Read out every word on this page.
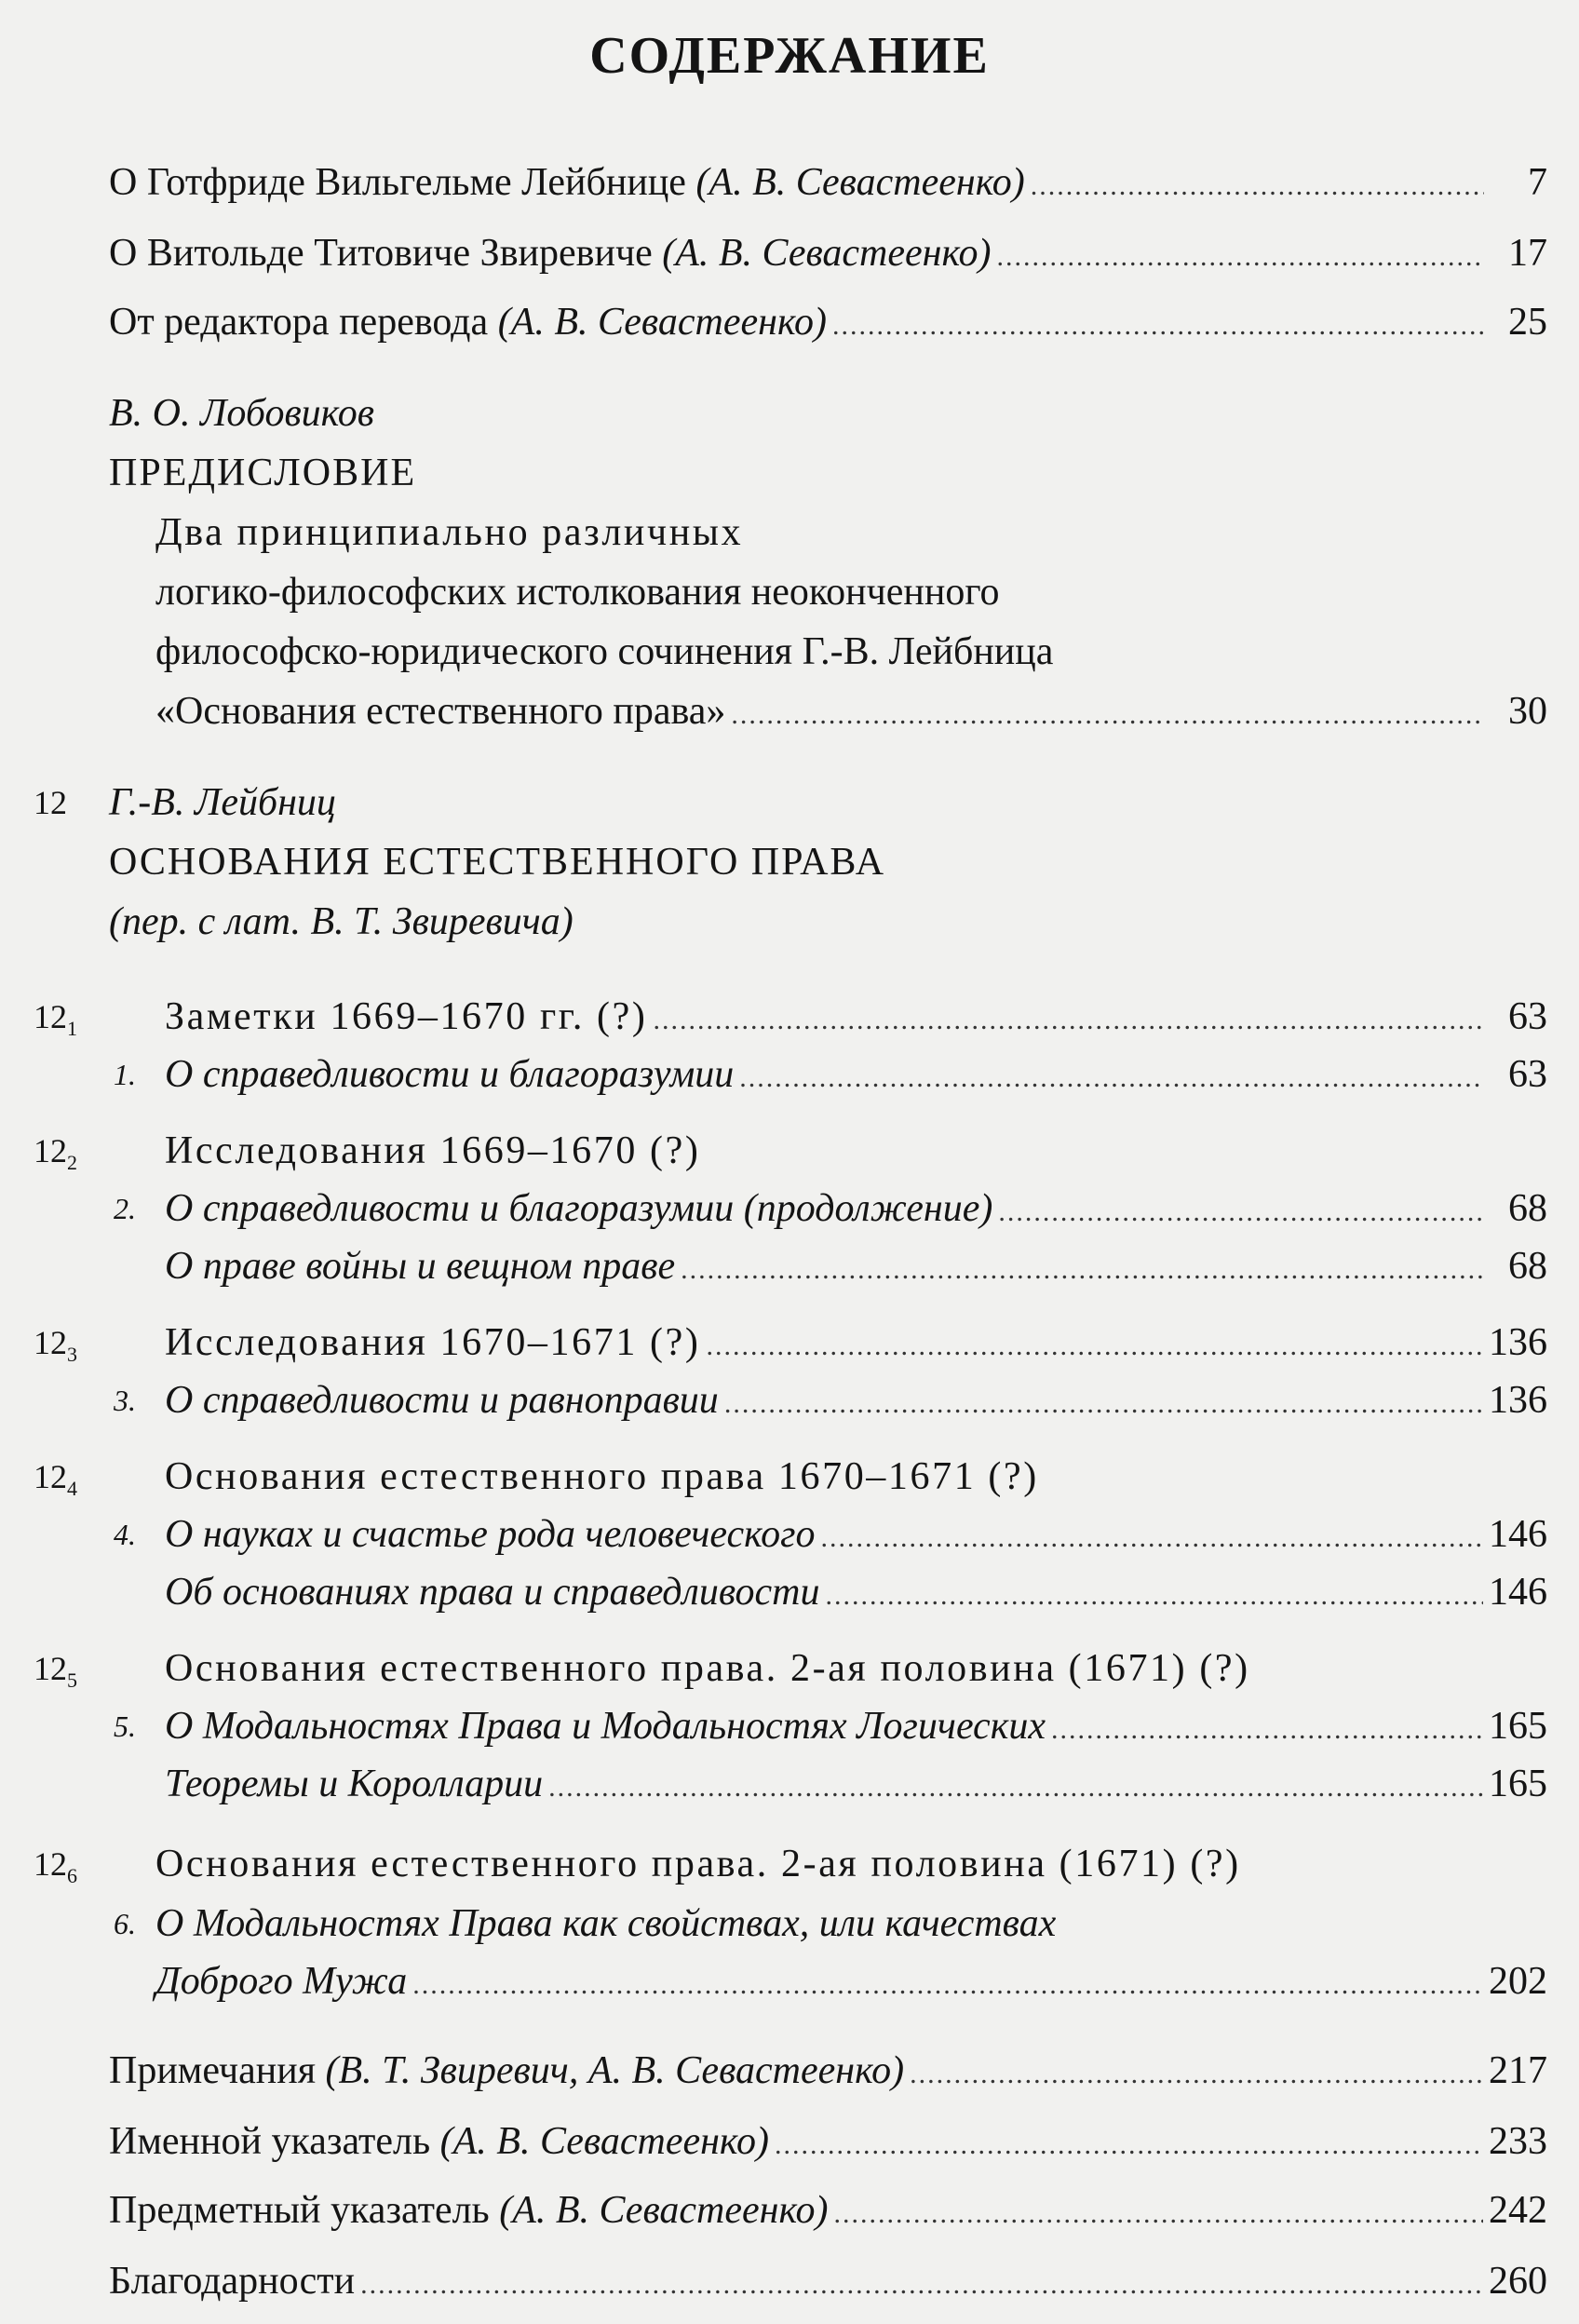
СОДЕРЖАНИЕ
О Готфриде Вильгельме Лейбнице
(А. В. Севастеенко) .....	7
О Витольде Титовиче Звиревиче
(А. В. Севастеенко) .....	17
От редактора перевода
(А. В. Севастеенко) .....	25
В. О. Лобовиков
ПРЕДИСЛОВИЕ
Два принципиально различных
логико-философских истолкования неоконченного
философско-юридического сочинения Г.-В. Лейбница
«Основания естественного права» .....	30
12 Г.-В. Лейбниц
ОСНОВАНИЯ ЕСТЕСТВЕННОГО ПРАВА
(пер. с лат. В. Т. Звиревича)
$12_1$ Заметки 1669–1670 гг. (?) .....	63
1. О справедливости и благоразумии .....	63
$12_2$ Исследования 1669–1670 (?)
2. О справедливости и благоразумии (продолжение) .....	68
О праве войны и вещном праве .....	68
$12_3$ Исследования 1670–1671 (?) .....	136
3. О справедливости и равноправии .....	136
$12_4$ Основания естественного права 1670–1671 (?)
4. О науках и счастье рода человеческого .....	146
Об основаниях права и справедливости .....	146
$12_5$ Основания естественного права. 2-ая половина (1671) (?)
5. О Модальностях Права и Модальностях Логических .....	165
Теоремы и Королларии .....	165
$12_6$ Основания естественного права. 2-ая половина (1671) (?)
6. О Модальностях Права как свойствах, или качествах
Доброго Мужа .....	202
Примечания
(В. Т. Звиревич, А. В. Севастеенко) .....	217
Именной указатель
(А. В. Севастеенко) .....	233
Предметный указатель
(А. В. Севастеенко) .....	242
Благодарности .....	260
